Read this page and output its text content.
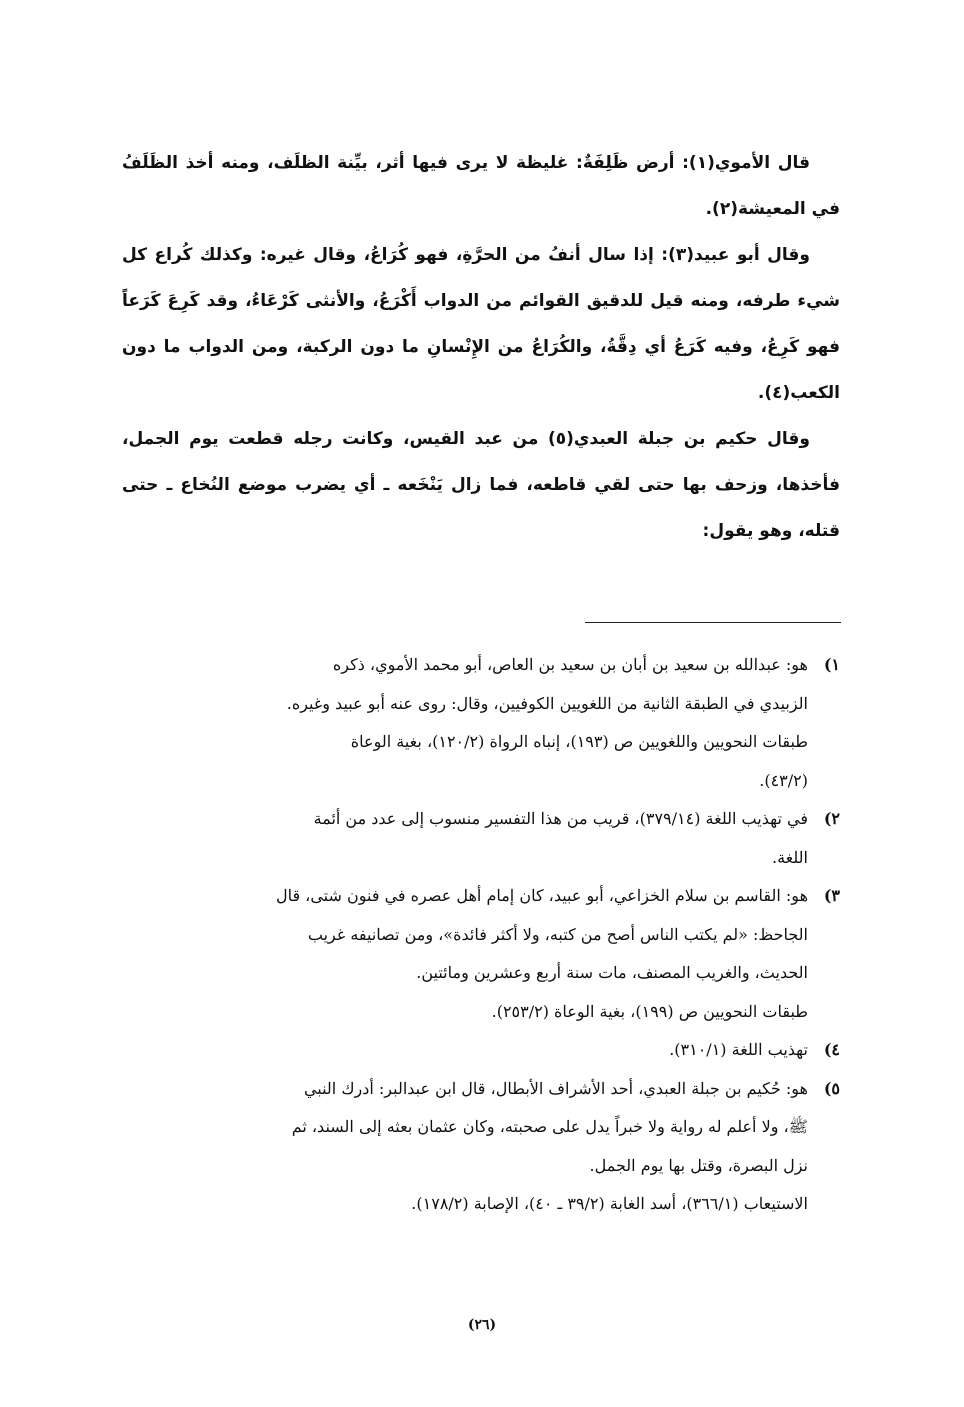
قال الأموي(١): أرض ظَلِفَةٌ: غليظة لا يرى فيها أثر، بيِّنة الظلَف، ومنه أخذ الظَلَفُ في المعيشة(٢).

وقال أبو عبيد(٣): إذا سال أنفُ من الحرَّةِ، فهو كُرَاعُ، وقال غيره: وكذلك كُراع كل شيء طرفه، ومنه قيل للدقيق القوائم من الدواب أَكْرَعُ، والأنثى كَرْعَاءُ، وقد كَرِعَ كَرَعاً فهو كَرِعُ، وفيه كَرَعُ أي دِقَّةُ، والكُرَاعُ من الإِنْسانِ ما دون الركبة، ومن الدواب ما دون الكعب(٤).

وقال حكيم بن جبلة العبدي(٥) من عبد القيس، وكانت رجله قطعت يوم الجمل، فأخذها، وزحف بها حتى لقي قاطعه، فما زال يَنْخَعه ـ أي يضرب موضع النُخاع ـ حتى قتله، وهو يقول:

١)
هو: عبدالله بن سعيد بن أبان بن سعيد بن العاص، أبو محمد الأموي، ذكره
الزبيدي في الطبقة الثانية من اللغويين الكوفيين، وقال: روى عنه أبو عبيد وغيره.
طبقات النحويين واللغويين ص (١٩٣)، إنباه الرواة (١٢٠/٢)، بغية الوعاة
(٤٣/٢).
٢)
في تهذيب اللغة (٣٧٩/١٤)، قريب من هذا التفسير منسوب إلى عدد من أئمة
اللغة.
٣)
هو: القاسم بن سلام الخزاعي، أبو عبيد، كان إمام أهل عصره في فنون شتى، قال
الجاحظ: «لم يكتب الناس أصح من كتبه، ولا أكثر فائدة»، ومن تصانيفه غريب
الحديث، والغريب المصنف، مات سنة أربع وعشرين ومائتين.
طبقات النحويين ص (١٩٩)، بغية الوعاة (٢٥٣/٢).
٤)
تهذيب اللغة (٣١٠/١).
٥)
هو: حُكيم بن جبلة العبدي، أحد الأشراف الأبطال، قال ابن عبدالبر: أدرك النبي
ﷺ، ولا أعلم له رواية ولا خبراً يدل على صحبته، وكان عثمان بعثه إلى السند، ثم
نزل البصرة، وقتل بها يوم الجمل.
الاستيعاب (٣٦٦/١)، أسد الغابة (٣٩/٢ ـ ٤٠)، الإصابة (١٧٨/٢).
(٢٦)
